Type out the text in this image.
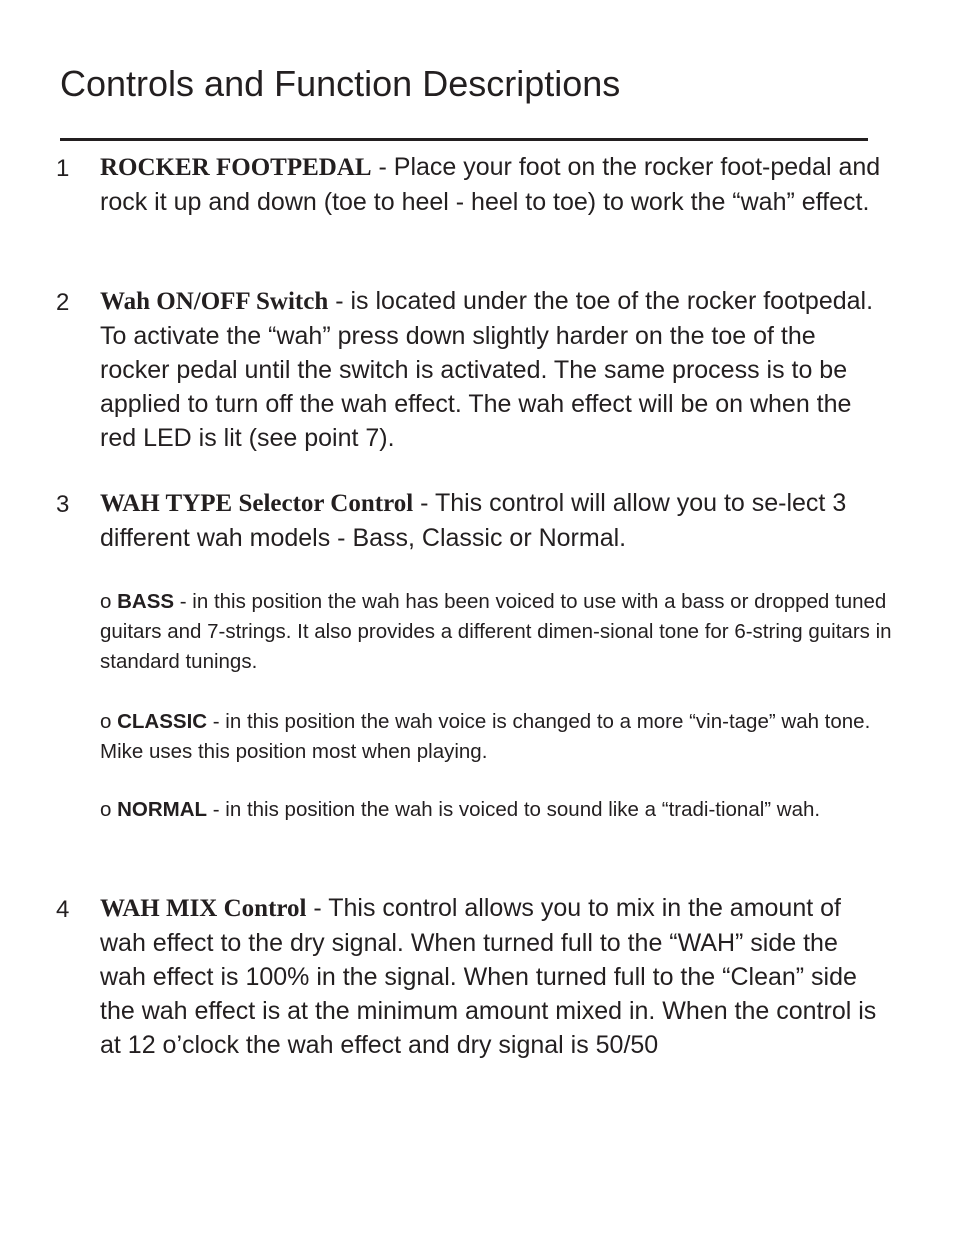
Controls and Function Descriptions
1 ROCKER FOOTPEDAL - Place your foot on the rocker foot-pedal and rock it up and down (toe to heel - heel to toe) to work the “wah” effect.

2 Wah ON/OFF Switch - is located under the toe of the rocker footpedal. To activate the “wah” press down slightly harder on the toe of the rocker pedal until the switch is activated. The same process is to be applied to turn off the wah effect. The wah effect will be on when the red LED is lit (see point 7).

3 WAH TYPE Selector Control - This control will allow you to se-lect 3 different wah models - Bass, Classic or Normal.

o BASS - in this position the wah has been voiced to use with a bass or dropped tuned guitars and 7-strings. It also provides a different dimen-sional tone for 6-string guitars in standard tunings.

o CLASSIC - in this position the wah voice is changed to a more “vin-tage” wah tone. Mike uses this position most when playing.

o NORMAL - in this position the wah is voiced to sound like a “tradi-tional” wah.

4 WAH MIX Control - This control allows you to mix in the amount of wah effect to the dry signal. When turned full to the “WAH” side the wah effect is 100% in the signal. When turned full to the “Clean” side the wah effect is at the minimum amount mixed in. When the control is at 12 o’clock the wah effect and dry signal is 50/50
